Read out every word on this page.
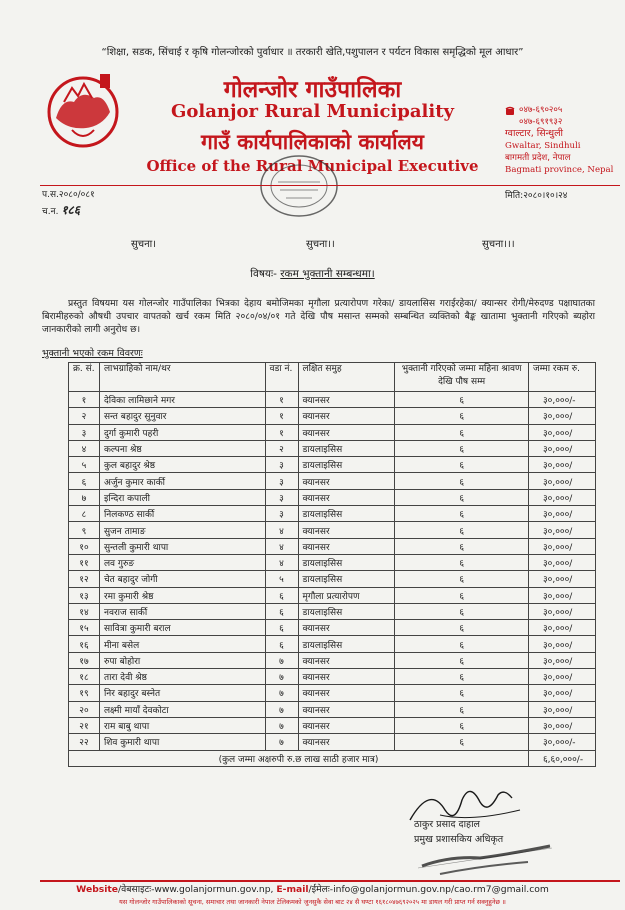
“शिक्षा, सडक, सिंचाई र कृषि गोलन्जोरको पुर्वाधार ॥ तरकारी खेति,पशुपालन र पर्यटन विकास समृद्धिको मूल आधार”
गोलन्जोर गाउँपालिका
Golanjor Rural Municipality
गाउँ कार्यपालिकाको कार्यालय
Office of the Rural Municipal Executive
०४७-६९०२०५
०४७-६९१९३२
ग्वाल्टार, सिन्धुली
Gwaltar, Sindhuli
बागमती प्रदेश, नेपाल
Bagmati province, Nepal
प.स.२०८०/०८१
च.न. १८६
मिति:२०८०।१०।२४
सुचना।	सुचना।।	सुचना।।।
विषयः- रकम भुक्तानी सम्बन्धमा।
प्रस्तुत विषयमा यस गोलन्जोर गाउँपालिका भित्रका देहाय बमोजिमका मृगौला प्रत्यारोपण गरेका/ डायलासिस गराईरहेका/ क्यान्सर रोगी/मेरुदण्ड पक्षाघातका बिरामीहरुको औषधी उपचार वापतको खर्च रकम मिति २०८०/०४/०१ गते देखि पौष मसान्त सम्मको सम्बन्धित व्यक्तिको बैङ्क खातामा भुक्तानी गरिएको ब्यहोरा जानकारीको लागी अनुरोध छ।
भुक्तानी भएको रकम विवरणः
क्र. सं.	लाभग्राहिको नाम/थर	वडा नं.	लक्षित समुह	भुक्तानी गरिएको जम्मा महिना श्रावण देखि पौष सम्म	जम्मा रकम रु.
१	देविका लामिछाने मगर	१	क्यानसर	६	३०,०००/-
२	सन्त बहादुर सुनुवार	१	क्यानसर	६	३०,०००/
३	दुर्गा कुमारी पहरी	१	क्यानसर	६	३०,०००/
४	कल्पना श्रेष्ठ	२	डायलाइसिस	६	३०,०००/
५	कुल बहादुर श्रेष्ठ	३	डायलाइसिस	६	३०,०००/
६	अर्जुन कुमार कार्की	३	क्यानसर	६	३०,०००/
७	इन्दिरा कपाली	३	क्यानसर	६	३०,०००/
८	निलकण्ठ सार्की	३	डायलाइसिस	६	३०,०००/
९	सुजन तामाङ	४	क्यानसर	६	३०,०००/
१०	सुन्तली कुमारी थापा	४	क्यानसर	६	३०,०००/
११	लव गुरुङ	४	डायलाइसिस	६	३०,०००/
१२	चेत बहादुर जोगी	५	डायलाइसिस	६	३०,०००/
१३	रमा कुमारी श्रेष्ठ	६	मृगौला प्रत्यारोपण	६	३०,०००/
१४	नवराज सार्की	६	डायलाइसिस	६	३०,०००/
१५	सावित्रा कुमारी बराल	६	क्यानसर	६	३०,०००/
१६	मीना बसेल	६	डायलाइसिस	६	३०,०००/
१७	रुपा बोहोरा	७	क्यानसर	६	३०,०००/
१८	तारा देवी श्रेष्ठ	७	क्यानसर	६	३०,०००/
१९	निर बहादुर बस्नेत	७	क्यानसर	६	३०,०००/
२०	लक्ष्मी मायाँ देवकोटा	७	क्यानसर	६	३०,०००/
२१	राम बाबु थापा	७	क्यानसर	६	३०,०००/
२२	शिव कुमारी थापा	७	क्यानसर	६	३०,०००/-
(कुल जम्मा अक्षरुपी रु.छ लाख साठी हजार मात्र)					६,६०,०००/-
ठाकुर प्रसाद दाहाल
प्रमुख प्रशासकिय अधिकृत
Website/वेबसाइटः-www.golanjormun.gov.np, E-mail/ईमेलः-info@golanjormun.gov.np/cao.rm7@gmail.com
यस गोलन्जोर गाउँपालिकाको सूचना, समाचार तथा जानकारी नेपाल टेलिकमको जुनसुकै सेवा बाट २४ सै घण्टा १६१८०४७६९२०२५ मा डायल गरी प्राप्त गर्न सक्नुहुनेछ ॥
